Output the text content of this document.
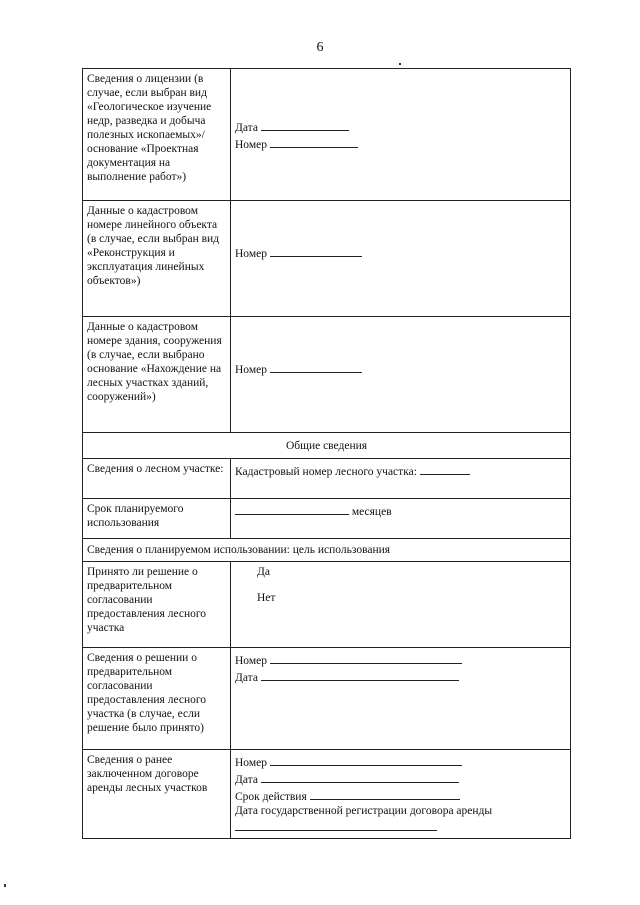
6
Сведения о лицензии (в случае, если выбран вид «Геологическое изучение недр, разведка и добыча полезных ископаемых»/ основание «Проектная документация на выполнение работ»)	Дата
Номер

Данные о кадастровом номере линейного объекта (в случае, если выбран вид «Реконструкция и эксплуатация линейных объектов»)	Номер

Данные о кадастровом номере здания, сооружения (в случае, если выбрано основание «Нахождение на лесных участках зданий, сооружений»)	Номер

Общие сведения	
Сведения о лесном участке:	Кадастровый номер лесного участка:
Срок планируемого использования	месяцев
Сведения о планируемом использовании: цель использования	
Принято ли решение о предварительном согласовании предоставления лесного участка	Да
Нет

Сведения о решении о предварительном согласовании предоставления лесного участка (в случае, если решение было принято)	Номер
Дата

Сведения о ранее заключенном договоре аренды лесных участков	Номер
Дата
Срок действия
Дата государственной регистрации договора аренды
